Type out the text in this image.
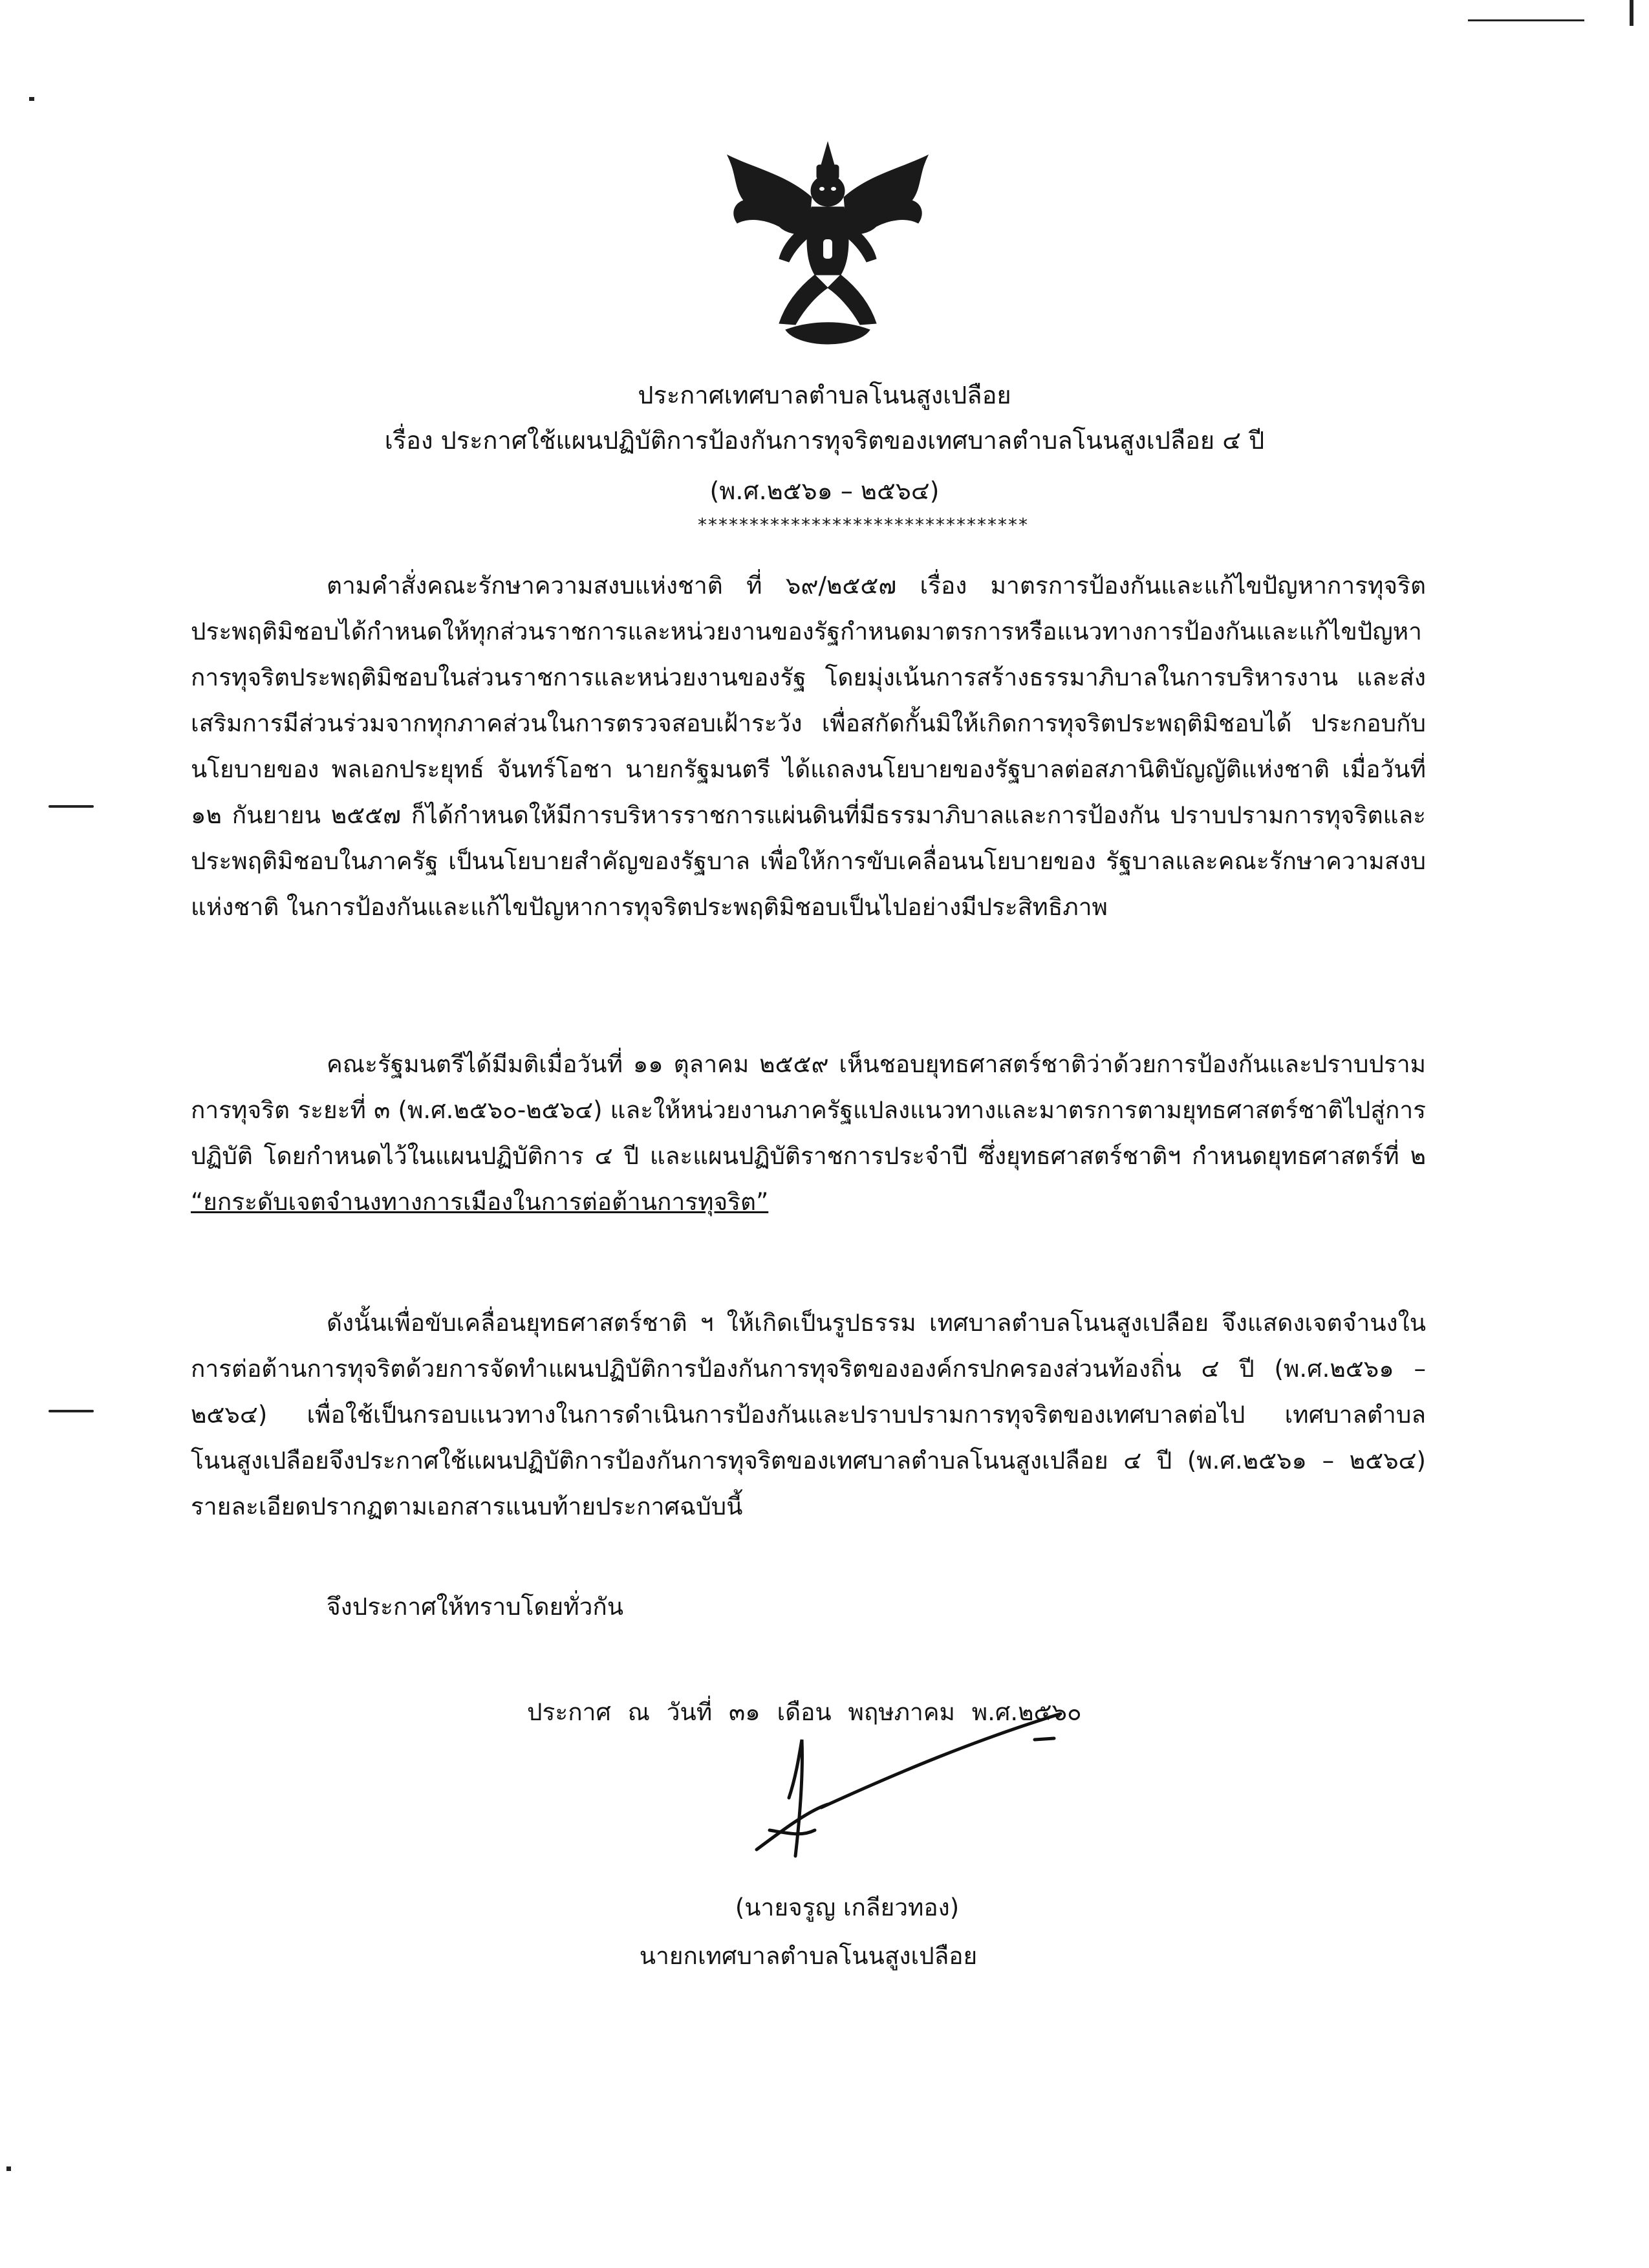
ประกาศเทศบาลตำบลโนนสูงเปลือย
เรื่อง ประกาศใช้แผนปฏิบัติการป้องกันการทุจริตของเทศบาลตำบลโนนสูงเปลือย ๔ ปี
(พ.ศ.๒๕๖๑ – ๒๕๖๔)
********************************
ตามคำสั่งคณะรักษาความสงบแห่งชาติ ที่ ๖๙/๒๕๕๗ เรื่อง มาตรการป้องกันและแก้ไขปัญหาการทุจริตประพฤติมิชอบได้กำหนดให้ทุกส่วนราชการและหน่วยงานของรัฐกำหนดมาตรการหรือแนวทางการป้องกันและแก้ไขปัญหาการทุจริตประพฤติมิชอบในส่วนราชการและหน่วยงานของรัฐ โดยมุ่งเน้นการสร้างธรรมาภิบาลในการบริหารงาน และส่งเสริมการมีส่วนร่วมจากทุกภาคส่วนในการตรวจสอบเฝ้าระวัง เพื่อสกัดกั้นมิให้เกิดการทุจริตประพฤติมิชอบได้ ประกอบกับนโยบายของ พลเอกประยุทธ์ จันทร์โอชา นายกรัฐมนตรี ได้แถลงนโยบายของรัฐบาลต่อสภานิติบัญญัติแห่งชาติ เมื่อวันที่ ๑๒ กันยายน ๒๕๕๗ ก็ได้กำหนดให้มีการบริหารราชการแผ่นดินที่มีธรรมาภิบาลและการป้องกัน ปราบปรามการทุจริตและประพฤติมิชอบในภาครัฐ เป็นนโยบายสำคัญของรัฐบาล เพื่อให้การขับเคลื่อนนโยบายของ รัฐบาลและคณะรักษาความสงบแห่งชาติ ในการป้องกันและแก้ไขปัญหาการทุจริตประพฤติมิชอบเป็นไปอย่างมีประสิทธิภาพ
คณะรัฐมนตรีได้มีมติเมื่อวันที่ ๑๑ ตุลาคม ๒๕๕๙ เห็นชอบยุทธศาสตร์ชาติว่าด้วยการป้องกันและปราบปรามการทุจริต ระยะที่ ๓ (พ.ศ.๒๕๖๐-๒๕๖๔) และให้หน่วยงานภาครัฐแปลงแนวทางและมาตรการตามยุทธศาสตร์ชาติไปสู่การปฏิบัติ โดยกำหนดไว้ในแผนปฏิบัติการ ๔ ปี และแผนปฏิบัติราชการประจำปี ซึ่งยุทธศาสตร์ชาติฯ กำหนดยุทธศาสตร์ที่ ๒ “ยกระดับเจตจำนงทางการเมืองในการต่อต้านการทุจริต”
ดังนั้นเพื่อขับเคลื่อนยุทธศาสตร์ชาติ ฯ ให้เกิดเป็นรูปธรรม เทศบาลตำบลโนนสูงเปลือย จึงแสดงเจตจำนงในการต่อต้านการทุจริตด้วยการจัดทำแผนปฏิบัติการป้องกันการทุจริตขององค์กรปกครองส่วนท้องถิ่น ๔ ปี (พ.ศ.๒๕๖๑ – ๒๕๖๔) เพื่อใช้เป็นกรอบแนวทางในการดำเนินการป้องกันและปราบปรามการทุจริตของเทศบาลต่อไป เทศบาลตำบลโนนสูงเปลือยจึงประกาศใช้แผนปฏิบัติการป้องกันการทุจริตของเทศบาลตำบลโนนสูงเปลือย ๔ ปี (พ.ศ.๒๕๖๑ – ๒๕๖๔) รายละเอียดปรากฏตามเอกสารแนบท้ายประกาศฉบับนี้
จึงประกาศให้ทราบโดยทั่วกัน
ประกาศ ณ วันที่ ๓๑ เดือน พฤษภาคม พ.ศ.๒๕๖๐
(นายจรูญ เกลียวทอง)
นายกเทศบาลตำบลโนนสูงเปลือย
